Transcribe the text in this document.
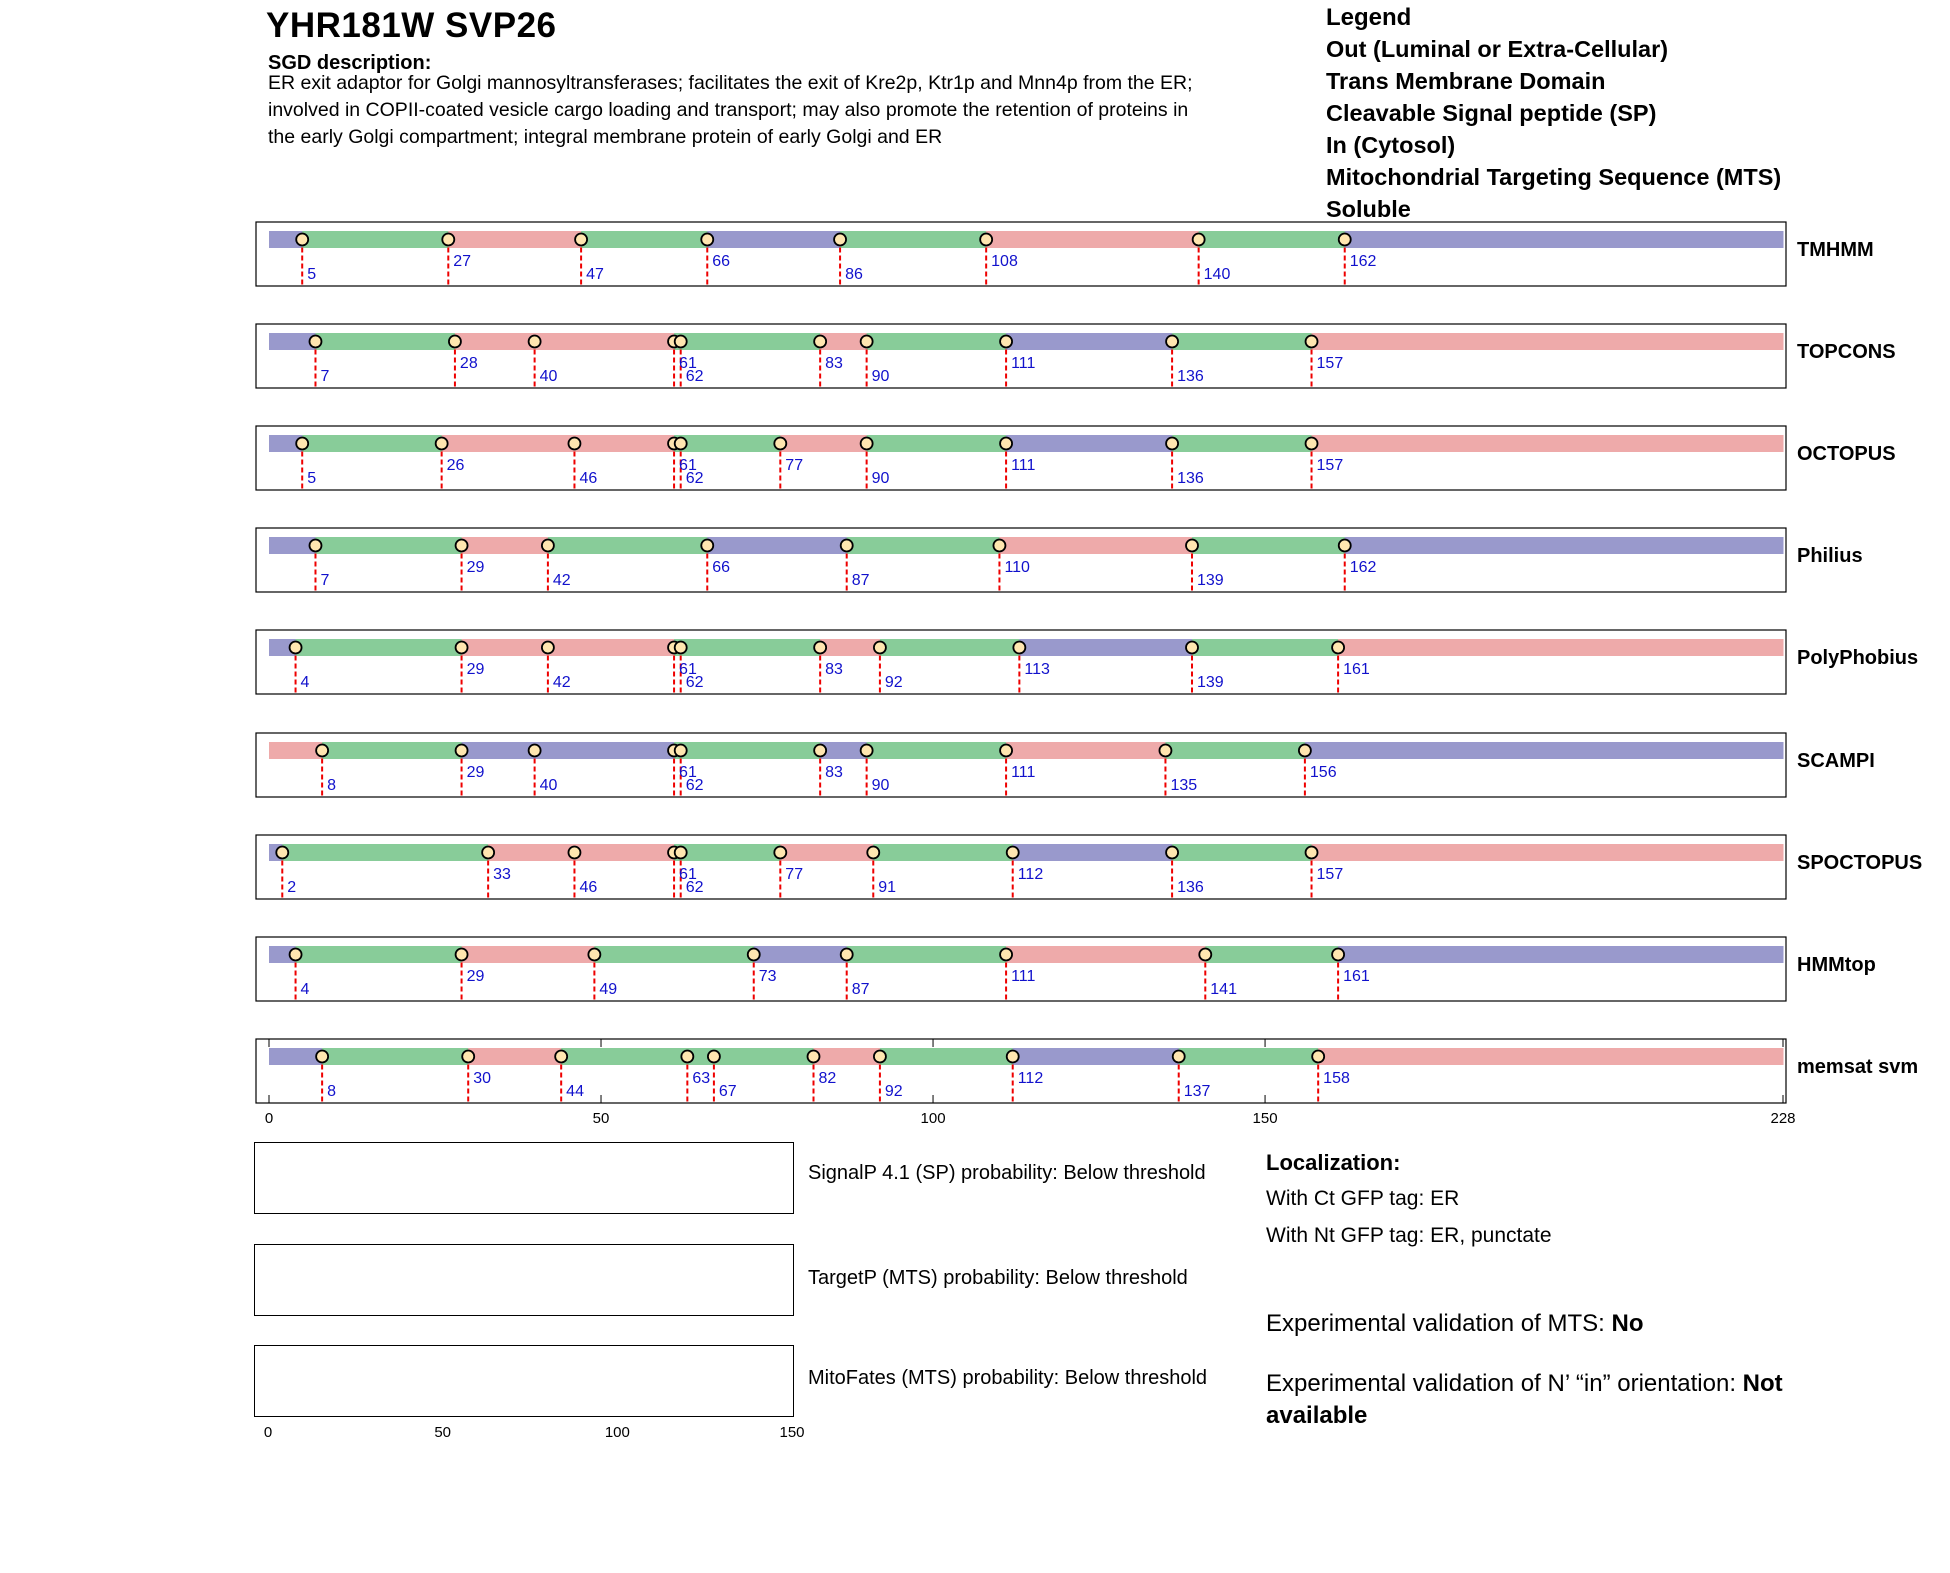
YHR181W SVP26
SGD description:
ER exit adaptor for Golgi mannosyltransferases; facilitates the exit of Kre2p, Ktr1p and Mnn4p from the ER;
involved in COPII-coated vesicle cargo loading and transport; may also promote the retention of proteins in
the early Golgi compartment; integral membrane protein of early Golgi and ER
Legend
Out (Luminal or Extra-Cellular)
Trans Membrane Domain
Cleavable Signal peptide (SP)
In (Cytosol)
Mitochondrial Targeting Sequence (MTS)
Soluble
TMHMM
5
27
47
66
86
108
140
162
TOPCONS
7
28
40
61
62
83
90
111
136
157
OCTOPUS
5
26
46
61
62
77
90
111
136
157
Philius
7
29
42
66
87
110
139
162
PolyPhobius
4
29
42
61
62
83
92
113
139
161
SCAMPI
8
29
40
61
62
83
90
111
135
156
SPOCTOPUS
2
33
46
61
62
77
91
112
136
157
HMMtop
4
29
49
73
87
111
141
161
memsat svm
8
30
44
63
67
82
92
112
137
158
0	50	100	150	228
0	50	100	150
SignalP 4.1 (SP) probability: Below threshold
TargetP (MTS) probability: Below threshold
MitoFates (MTS) probability: Below threshold
Localization:
With Ct GFP tag: ER
With Nt GFP tag: ER, punctate
Experimental validation of MTS: No
Experimental validation of N’ “in” orientation: Not available
